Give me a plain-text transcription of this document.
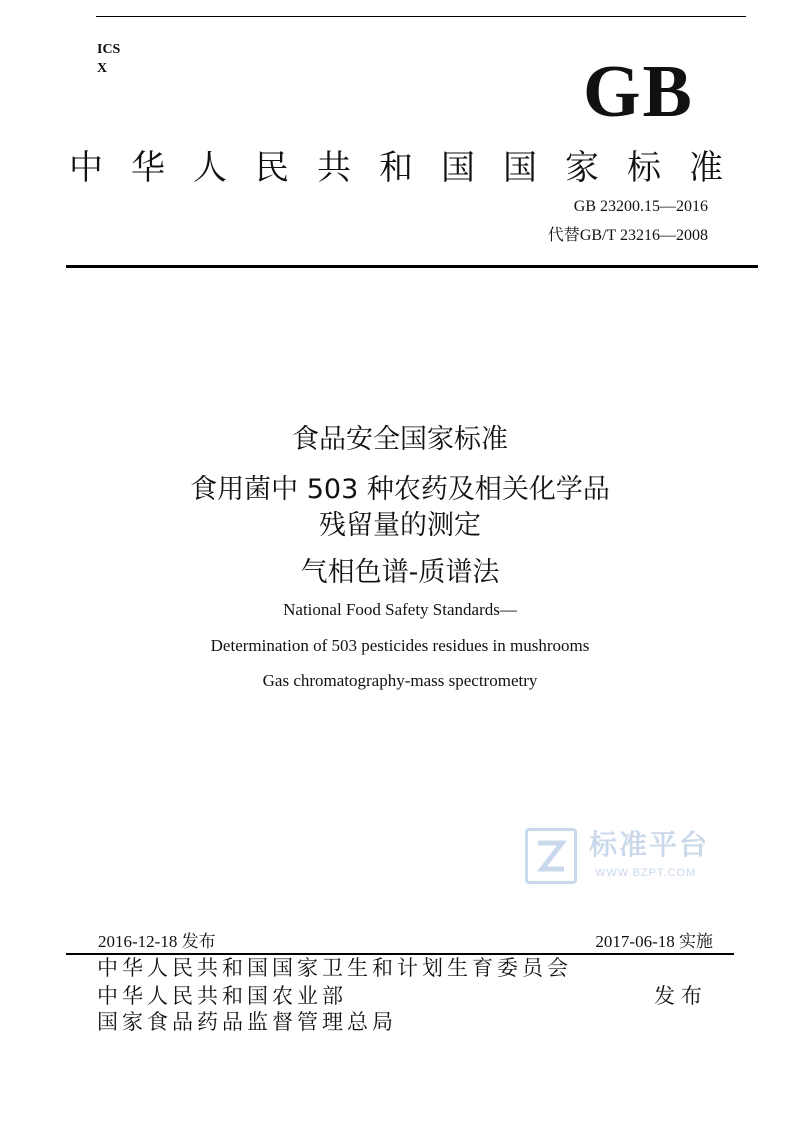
ICS
X	GB
中华人民共和国国家标准
GB 23200.15—2016
代替GB/T 23216—2008
食品安全国家标准
食用菌中 503 种农药及相关化学品
残留量的测定
气相色谱-质谱法
National Food Safety Standards—
Determination of 503 pesticides residues in mushrooms
Gas chromatography-mass spectrometry
标准平台
WWW.BZPT.COM
2016-12-18 发布	2017-06-18 实施
中华人民共和国国家卫生和计划生育委员会
中华人民共和国农业部
国家食品药品监督管理总局
发布
